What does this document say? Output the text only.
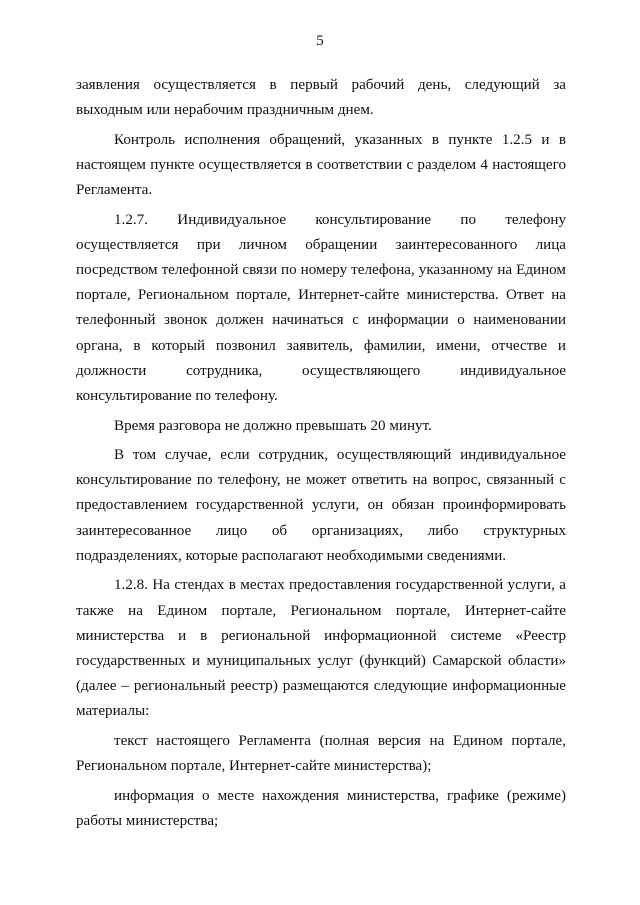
5

заявления осуществляется в первый рабочий день, следующий за выходным или нерабочим праздничным днем.

Контроль исполнения обращений, указанных в пункте 1.2.5 и в настоящем пункте осуществляется в соответствии с разделом 4 настоящего Регламента.

1.2.7. Индивидуальное консультирование по телефону осуществляется при личном обращении заинтересованного лица посредством телефонной связи по номеру телефона, указанному на Едином портале, Региональном портале, Интернет-сайте министерства. Ответ на телефонный звонок должен начинаться с информации о наименовании органа, в который позвонил заявитель, фамилии, имени, отчестве и должности сотрудника, осуществляющего индивидуальное консультирование по телефону.

Время разговора не должно превышать 20 минут.

В том случае, если сотрудник, осуществляющий индивидуальное консультирование по телефону, не может ответить на вопрос, связанный с предоставлением государственной услуги, он обязан проинформировать заинтересованное лицо об организациях, либо структурных подразделениях, которые располагают необходимыми сведениями.

1.2.8. На стендах в местах предоставления государственной услуги, а также на Едином портале, Региональном портале, Интернет-сайте министерства и в региональной информационной системе «Реестр государственных и муниципальных услуг (функций) Самарской области» (далее – региональный реестр) размещаются следующие информационные материалы:

текст настоящего Регламента (полная версия на Едином портале, Региональном портале, Интернет-сайте министерства);

информация о месте нахождения министерства, графике (режиме) работы министерства;
